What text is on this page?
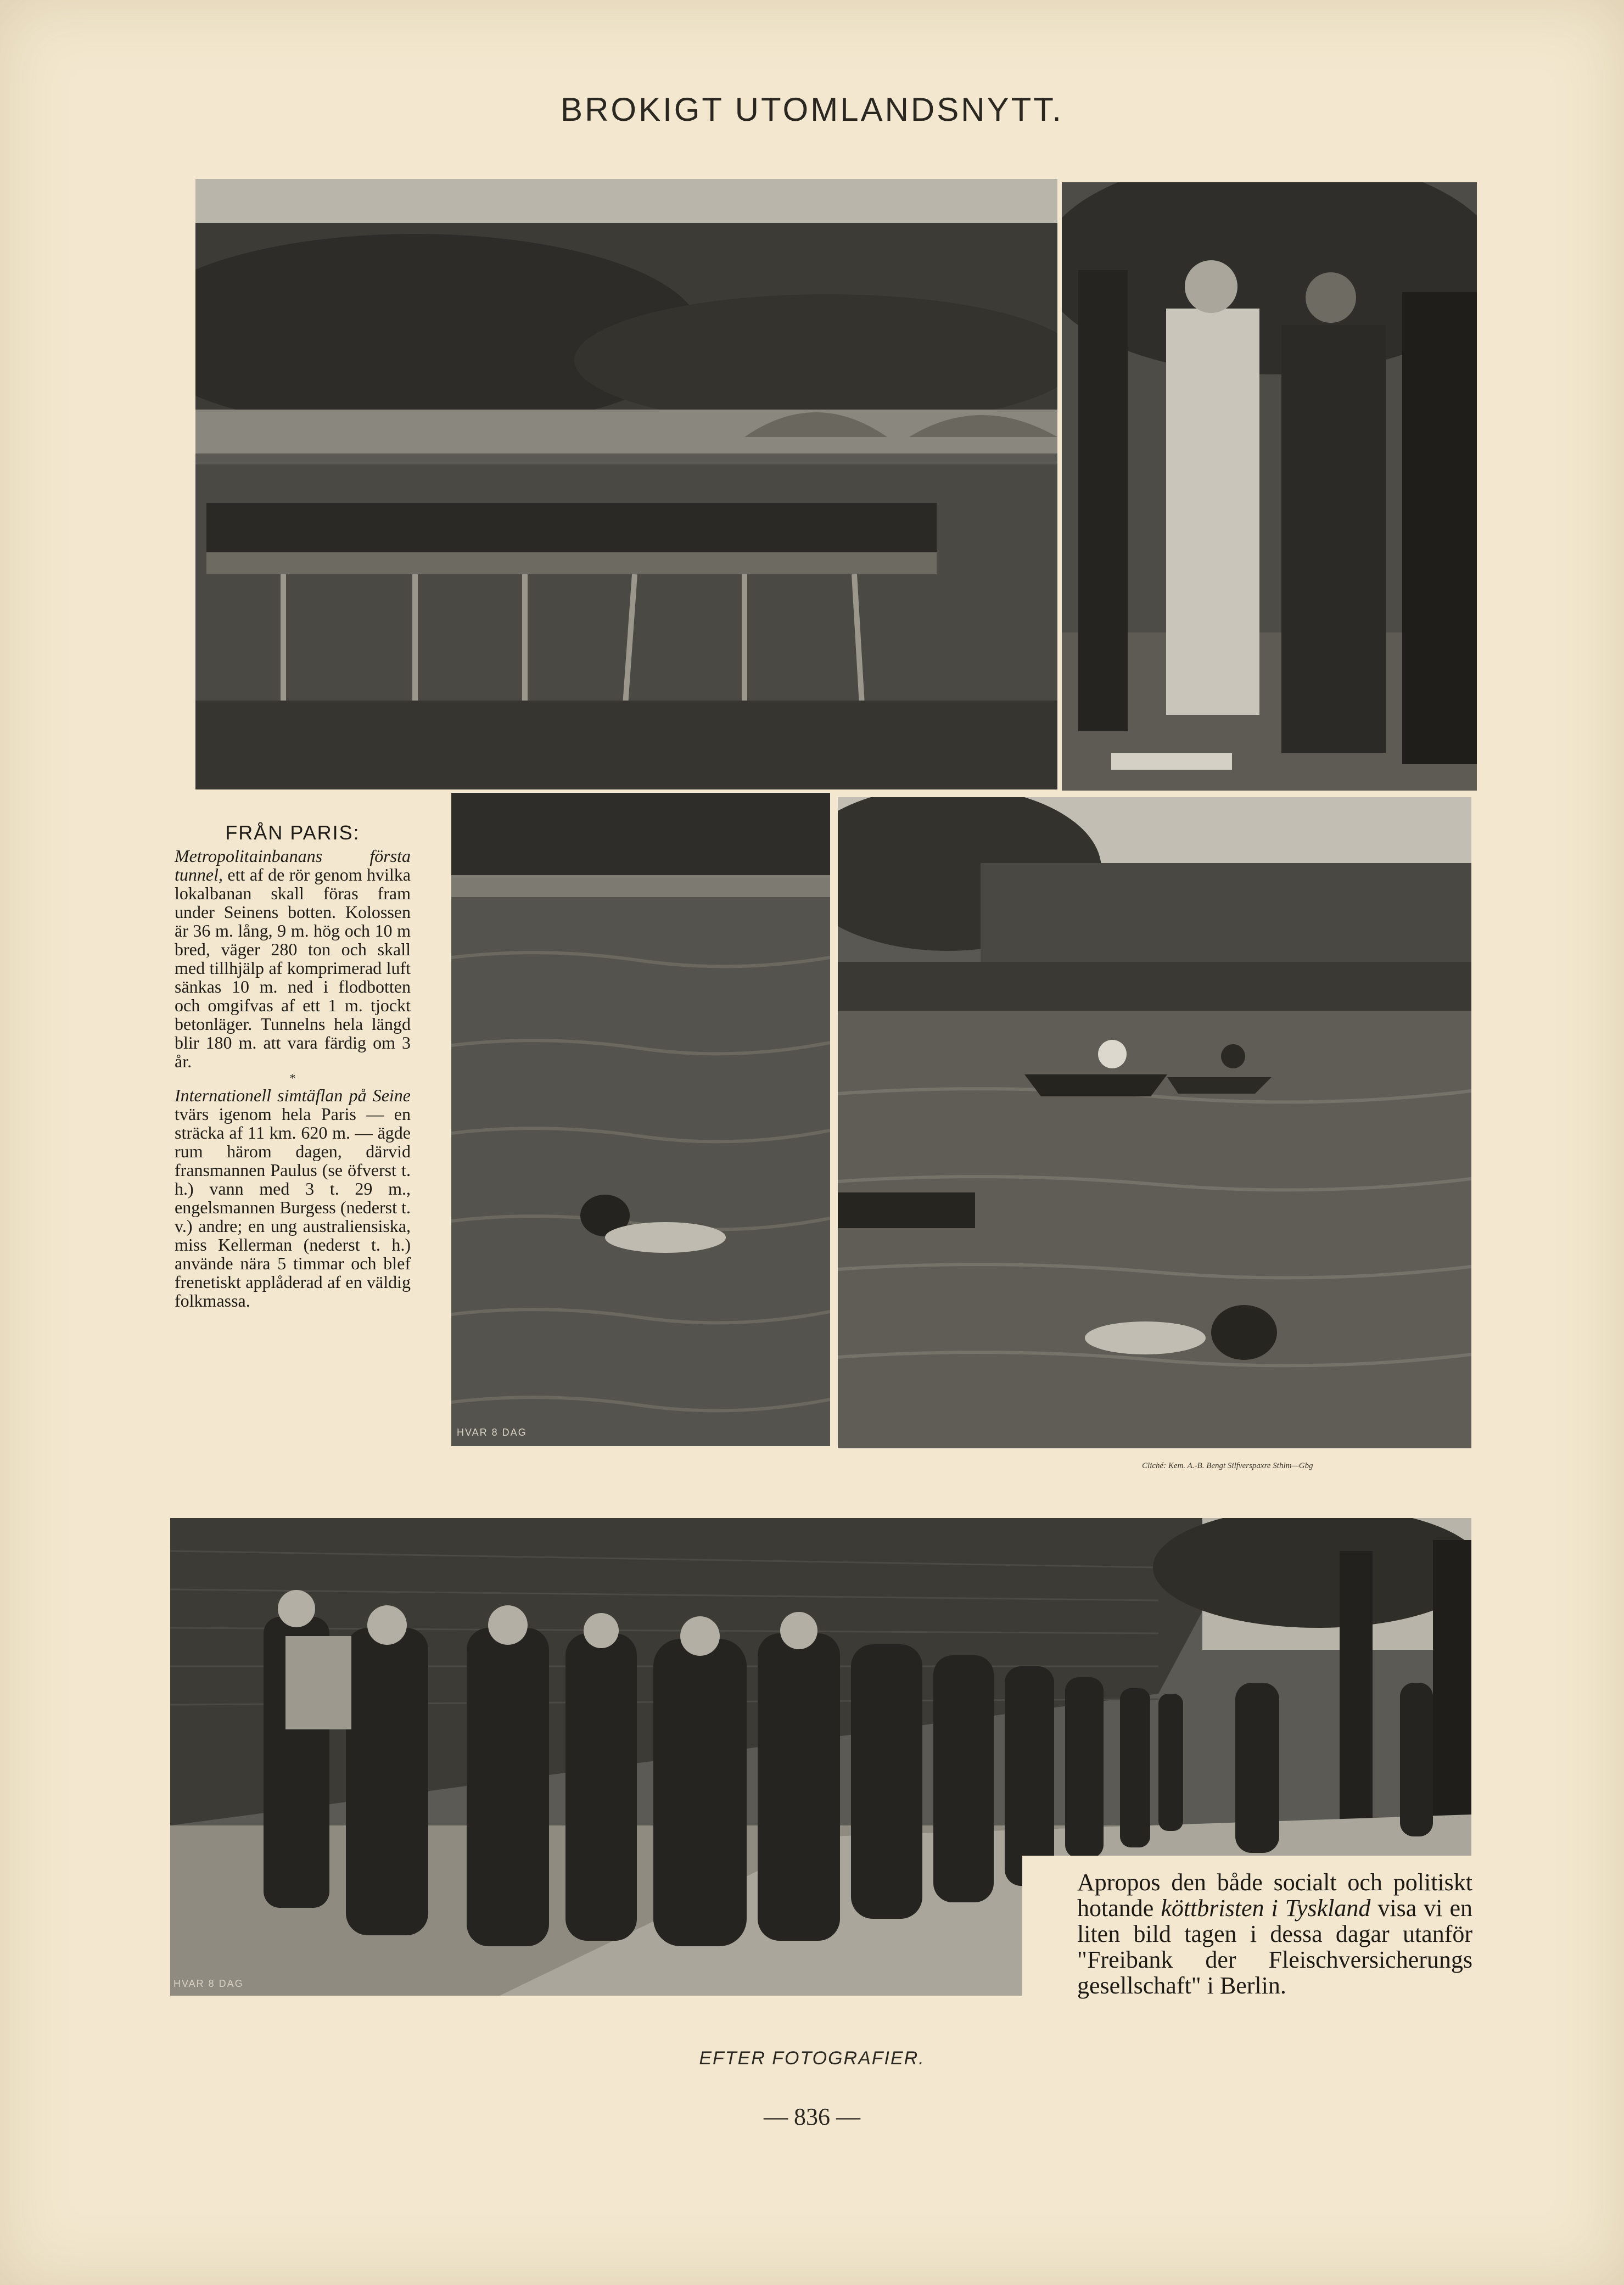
BROKIGT UTOMLANDSNYTT.
HVAR 8 DAG
HVAR 8 DAG
Apropos den både socialt och politiskt hotande köttbristen i Tyskland visa vi en liten bild tagen i dessa dagar utanför "Freibank der Fleischversicherungs gesellschaft" i Berlin.
FRÅN PARIS:
Metropolitainbanans första tunnel, ett af de rör genom hvilka lokalbanan skall föras fram under Seinens botten. Kolossen är 36 m. lång, 9 m. hög och 10 m bred, väger 280 ton och skall med tillhjälp af komprimerad luft sänkas 10 m. ned i flodbotten och omgifvas af ett 1 m. tjockt betonläger. Tunnelns hela längd blir 180 m. att vara färdig om 3 år.
*
Internationell simtäflan på Seine tvärs igenom hela Paris — en sträcka af 11 km. 620 m. — ägde rum härom dagen, därvid fransmannen Paulus (se öfverst t. h.) vann med 3 t. 29 m., engelsmannen Burgess (nederst t. v.) andre; en ung australiensiska, miss Kellerman (nederst t. h.) använde nära 5 timmar och blef frenetiskt applåderad af en väldig folkmassa.
Cliché: Kem. A.-B. Bengt Silfverspaxre Sthlm—Gbg
EFTER FOTOGRAFIER.
— 836 —
